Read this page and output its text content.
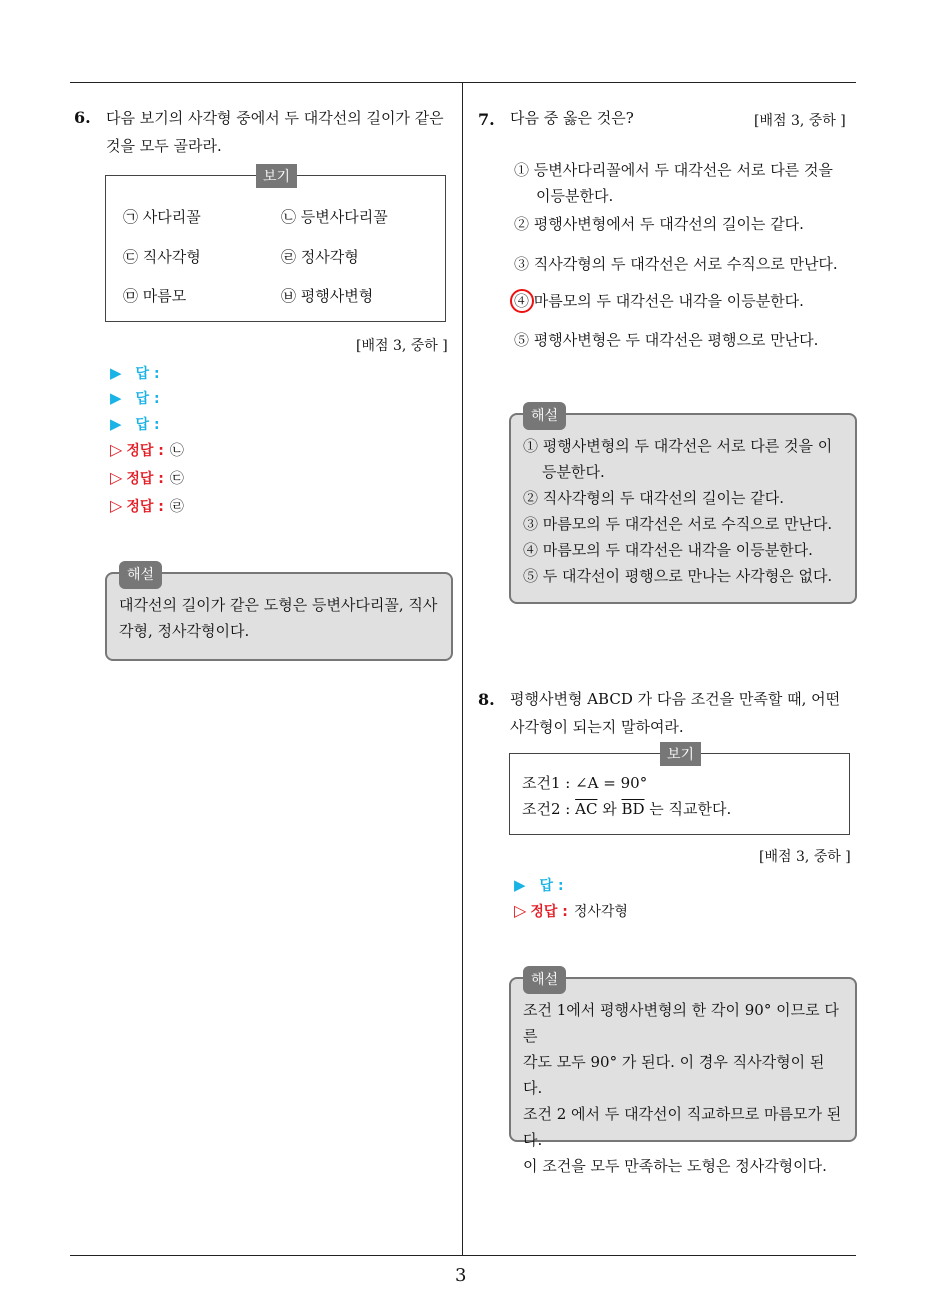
3
6. 다음 보기의 사각형 중에서 두 대각선의 길이가 같은
것을 모두 골라라.
보기
㉠ 사다리꼴	㉡ 등변사다리꼴
㉢ 직사각형	㉣ 정사각형
㉤ 마름모	㉥ 평행사변형
[배점 3, 중하 ]
▶ 답 :
▶ 답 :
▶ 답 :
▷ 정답 : ㉡
▷ 정답 : ㉢
▷ 정답 : ㉣
해설
대각선의 길이가 같은 도형은 등변사다리꼴, 직사
각형, 정사각형이다.
7. 다음 중 옳은 것은?	[배점 3, 중하 ]
① 등변사다리꼴에서 두 대각선은 서로 다른 것을
이등분한다.
② 평행사변형에서 두 대각선의 길이는 같다.
③ 직사각형의 두 대각선은 서로 수직으로 만난다.
④ 마름모의 두 대각선은 내각을 이등분한다.
⑤ 평행사변형은 두 대각선은 평행으로 만난다.
해설
① 평행사변형의 두 대각선은 서로 다른 것을 이
등분한다.
② 직사각형의 두 대각선의 길이는 같다.
③ 마름모의 두 대각선은 서로 수직으로 만난다.
④ 마름모의 두 대각선은 내각을 이등분한다.
⑤ 두 대각선이 평행으로 만나는 사각형은 없다.
8. 평행사변형 ABCD 가 다음 조건을 만족할 때, 어떤
사각형이 되는지 말하여라.
보기
조건1 : ∠A = 90°
조건2 : $\overline{AC}$ 와 $\overline{BD}$ 는 직교한다.
[배점 3, 중하 ]
▶ 답 :
▷ 정답 : 정사각형
해설
조건 1에서 평행사변형의 한 각이 90° 이므로 다른
각도 모두 90° 가 된다. 이 경우 직사각형이 된다.
조건 2 에서 두 대각선이 직교하므로 마름모가 된
다.
이 조건을 모두 만족하는 도형은 정사각형이다.
